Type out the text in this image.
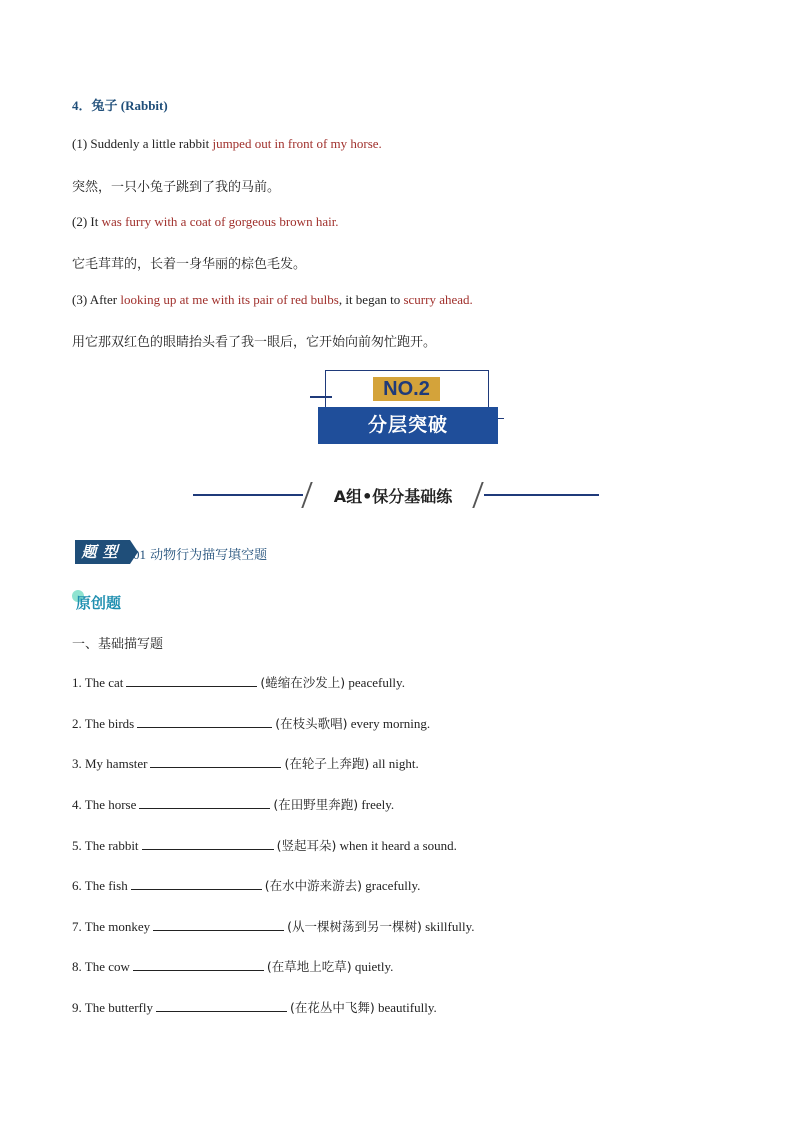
4．兔子 (Rabbit)
(1) Suddenly a little rabbit jumped out in front of my horse.
突然，一只小兔子跳到了我的马前。
(2) It was furry with a coat of gorgeous brown hair.
它毛茸茸的，长着一身华丽的棕色毛发。
(3) After looking up at me with its pair of red bulbs, it began to scurry ahead.
用它那双红色的眼睛抬头看了我一眼后，它开始向前匆忙跑开。
NO.2
分层突破
A组•保分基础练
题型 01 动物行为描写填空题
原创题
一、基础描写题
1. The cat	(蜷缩在沙发上) peacefully.
2. The birds	(在枝头歌唱) every morning.
3. My hamster	(在轮子上奔跑) all night.
4. The horse	(在田野里奔跑) freely.
5. The rabbit	(竖起耳朵) when it heard a sound.
6. The fish	(在水中游来游去) gracefully.
7. The monkey	(从一棵树荡到另一棵树) skillfully.
8. The cow	(在草地上吃草) quietly.
9. The butterfly	(在花丛中飞舞) beautifully.
